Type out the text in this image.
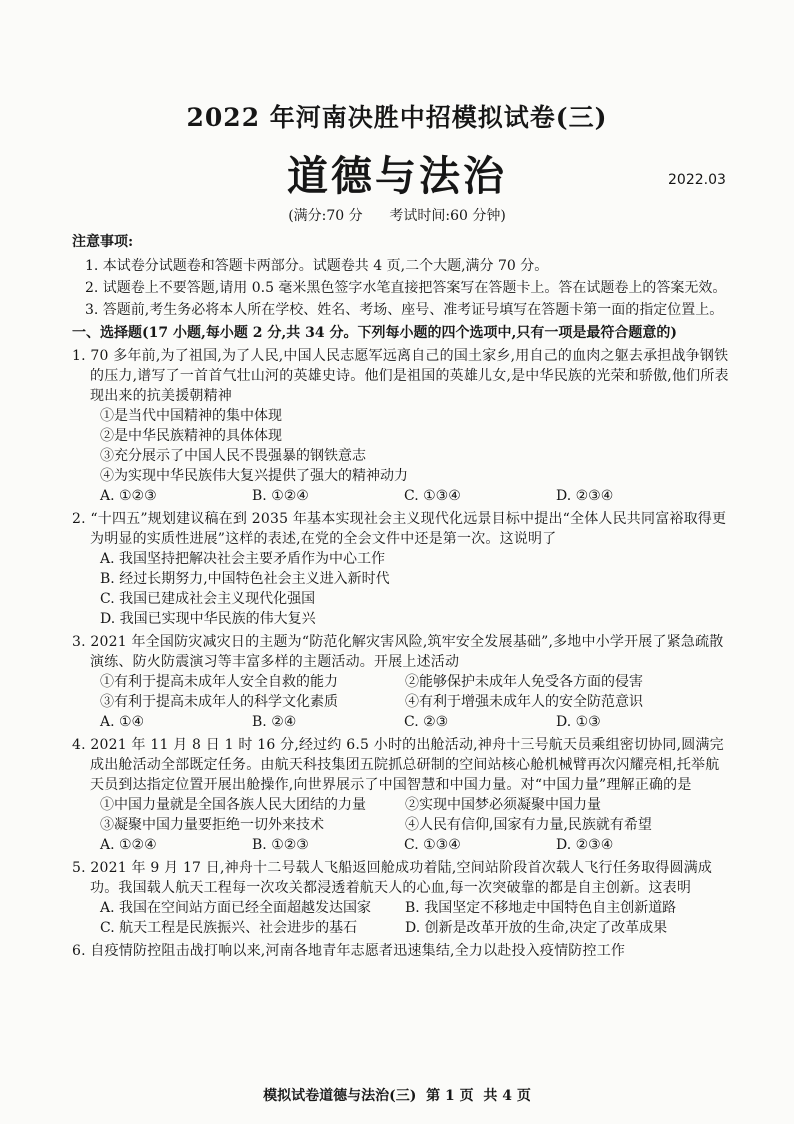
2022 年河南决胜中招模拟试卷(三)
道德与法治	2022.03
(满分:70 分      考试时间:60 分钟)
注意事项:
1. 本试卷分试题卷和答题卡两部分。试题卷共 4 页,二个大题,满分 70 分。
2. 试题卷上不要答题,请用 0.5 毫米黑色签字水笔直接把答案写在答题卡上。答在试题卷上的答案无效。
3. 答题前,考生务必将本人所在学校、姓名、考场、座号、准考证号填写在答题卡第一面的指定位置上。
一、选择题(17 小题,每小题 2 分,共 34 分。下列每小题的四个选项中,只有一项是最符合题意的)
1. 70 多年前,为了祖国,为了人民,中国人民志愿军远离自己的国土家乡,用自己的血肉之躯去承担战争钢铁的压力,谱写了一首首气壮山河的英雄史诗。他们是祖国的英雄儿女,是中华民族的光荣和骄傲,他们所表现出来的抗美援朝精神
①是当代中国精神的集中体现
②是中华民族精神的具体体现
③充分展示了中国人民不畏强暴的钢铁意志
④为实现中华民族伟大复兴提供了强大的精神动力
A. ①②③	B. ①②④	C. ①③④	D. ②③④
2. “十四五”规划建议稿在到 2035 年基本实现社会主义现代化远景目标中提出“全体人民共同富裕取得更为明显的实质性进展”这样的表述,在党的全会文件中还是第一次。这说明了
A. 我国坚持把解决社会主要矛盾作为中心工作
B. 经过长期努力,中国特色社会主义进入新时代
C. 我国已建成社会主义现代化强国
D. 我国已实现中华民族的伟大复兴
3. 2021 年全国防灾减灾日的主题为“防范化解灾害风险,筑牢安全发展基础”,多地中小学开展了紧急疏散演练、防火防震演习等丰富多样的主题活动。开展上述活动
①有利于提高未成年人安全自救的能力	②能够保护未成年人免受各方面的侵害
③有利于提高未成年人的科学文化素质	④有利于增强未成年人的安全防范意识
A. ①④	B. ②④	C. ②③	D. ①③
4. 2021 年 11 月 8 日 1 时 16 分,经过约 6.5 小时的出舱活动,神舟十三号航天员乘组密切协同,圆满完成出舱活动全部既定任务。由航天科技集团五院抓总研制的空间站核心舱机械臂再次闪耀亮相,托举航天员到达指定位置开展出舱操作,向世界展示了中国智慧和中国力量。对“中国力量”理解正确的是
①中国力量就是全国各族人民大团结的力量	②实现中国梦必须凝聚中国力量
③凝聚中国力量要拒绝一切外来技术	④人民有信仰,国家有力量,民族就有希望
A. ①②④	B. ①②③	C. ①③④	D. ②③④
5. 2021 年 9 月 17 日,神舟十二号载人飞船返回舱成功着陆,空间站阶段首次载人飞行任务取得圆满成功。我国载人航天工程每一次攻关都浸透着航天人的心血,每一次突破靠的都是自主创新。这表明
A. 我国在空间站方面已经全面超越发达国家	B. 我国坚定不移地走中国特色自主创新道路
C. 航天工程是民族振兴、社会进步的基石	D. 创新是改革开放的生命,决定了改革成果
6. 自疫情防控阻击战打响以来,河南各地青年志愿者迅速集结,全力以赴投入疫情防控工作
模拟试卷道德与法治(三)  第 1 页  共 4 页
